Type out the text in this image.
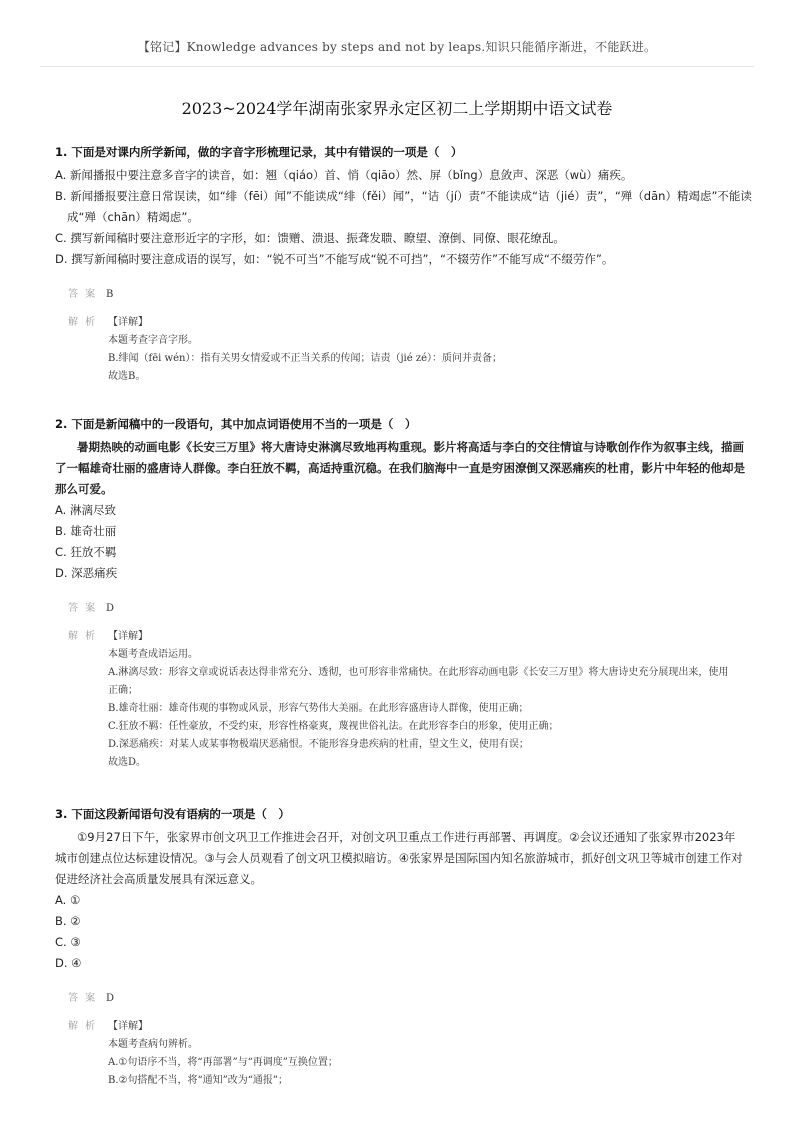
【铭记】Knowledge advances by steps and not by leaps.知识只能循序渐进，不能跃进。
2023~2024学年湖南张家界永定区初二上学期期中语文试卷
1. 下面是对课内所学新闻，做的字音字形梳理记录，其中有错误的一项是（　）
A. 新闻播报中要注意多音字的读音，如：翘（qiáo）首、悄（qiāo）然、屏（bǐng）息敛声、深恶（wù）痛疾。
B. 新闻播报要注意日常误读，如“绯（fēi）闻”不能读成“绯（fěi）闻”，“诘（jí）责”不能读成“诘（jié）责”，“殚（dān）精竭虑”不能读成“殚（chān）精竭虑”。
C. 撰写新闻稿时要注意形近字的字形，如：馈赠、溃退、振聋发聩、瞭望、潦倒、同僚、眼花缭乱。
D. 撰写新闻稿时要注意成语的误写，如：“锐不可当”不能写成“锐不可挡”，“不辍劳作”不能写成“不缀劳作”。
答 案 B
解 析	【详解】
本题考查字音字形。
B.绯闻（fēi wén）：指有关男女情爱或不正当关系的传闻；诘责（jié zé）：质问并责备；
故选B。
2. 下面是新闻稿中的一段语句，其中加点词语使用不当的一项是（　）
暑期热映的动画电影《长安三万里》将大唐诗史淋漓尽致地再构重现。影片将高适与李白的交往情谊与诗歌创作作为叙事主线，描画了一幅雄奇壮丽的盛唐诗人群像。李白狂放不羁，高适持重沉稳。在我们脑海中一直是穷困潦倒又深恶痛疾的杜甫，影片中年轻的他却是那么可爱。
A. 淋漓尽致
B. 雄奇壮丽
C. 狂放不羁
D. 深恶痛疾
答 案 D
解 析	【详解】
本题考查成语运用。
A.淋漓尽致：形容文章或说话表达得非常充分、透彻，也可形容非常痛快。在此形容动画电影《长安三万里》将大唐诗史充分展现出来，使用正确；
B.雄奇壮丽：雄奇伟观的事物或风景，形容气势伟大美丽。在此形容盛唐诗人群像，使用正确；
C.狂放不羁：任性豪放，不受约束，形容性格豪爽，蔑视世俗礼法。在此形容李白的形象，使用正确；
D.深恶痛疾：对某人或某事物极端厌恶痛恨。不能形容身患疾病的杜甫，望文生义，使用有误；
故选D。
3. 下面这段新闻语句没有语病的一项是（　）
①9月27日下午，张家界市创文巩卫工作推进会召开，对创文巩卫重点工作进行再部署、再调度。②会议还通知了张家界市2023年城市创建点位达标建设情况。③与会人员观看了创文巩卫模拟暗访。④张家界是国际国内知名旅游城市，抓好创文巩卫等城市创建工作对促进经济社会高质量发展具有深远意义。
A. ①
B. ②
C. ③
D. ④
答 案 D
解 析	【详解】
本题考查病句辨析。
A.①句语序不当，将“再部署”与“再调度”互换位置；
B.②句搭配不当，将“通知”改为“通报”；
